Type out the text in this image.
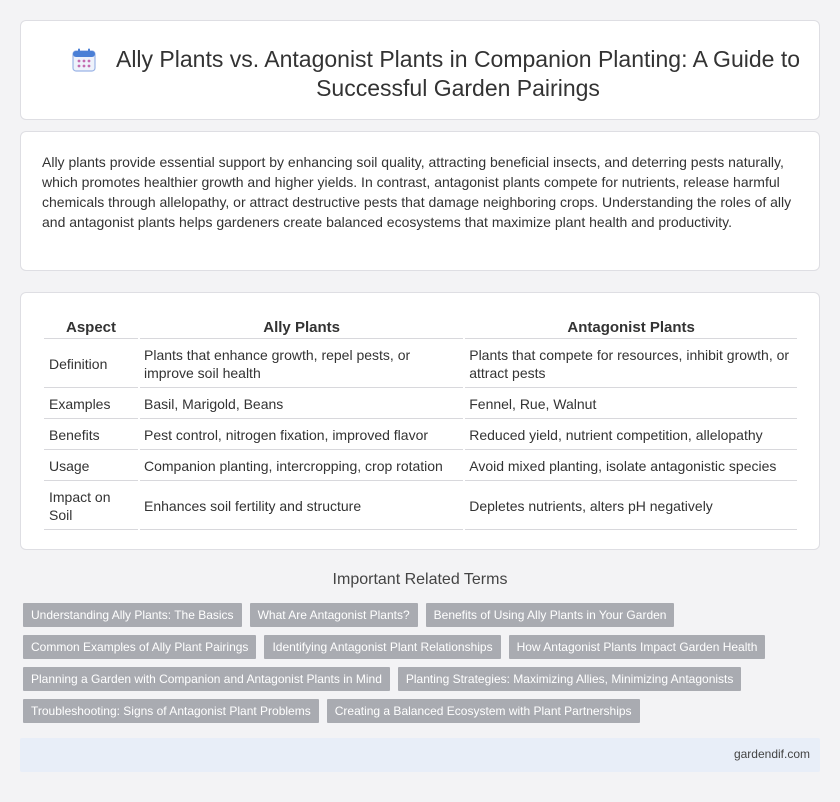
Ally Plants vs. Antagonist Plants in Companion Planting: A Guide to Successful Garden Pairings

Ally plants provide essential support by enhancing soil quality, attracting beneficial insects, and deterring pests naturally, which promotes healthier growth and higher yields. In contrast, antagonist plants compete for nutrients, release harmful chemicals through allelopathy, or attract destructive pests that damage neighboring crops. Understanding the roles of ally and antagonist plants helps gardeners create balanced ecosystems that maximize plant health and productivity.

Aspect	Ally Plants	Antagonist Plants
Definition	Plants that enhance growth, repel pests, or improve soil health	Plants that compete for resources, inhibit growth, or attract pests
Examples	Basil, Marigold, Beans	Fennel, Rue, Walnut
Benefits	Pest control, nitrogen fixation, improved flavor	Reduced yield, nutrient competition, allelopathy
Usage	Companion planting, intercropping, crop rotation	Avoid mixed planting, isolate antagonistic species
Impact on Soil	Enhances soil fertility and structure	Depletes nutrients, alters pH negatively
Important Related Terms
Understanding Ally Plants: The Basics	What Are Antagonist Plants?	Benefits of Using Ally Plants in Your Garden
Common Examples of Ally Plant Pairings	Identifying Antagonist Plant Relationships	How Antagonist Plants Impact Garden Health
Planning a Garden with Companion and Antagonist Plants in Mind	Planting Strategies: Maximizing Allies, Minimizing Antagonists
Troubleshooting: Signs of Antagonist Plant Problems	Creating a Balanced Ecosystem with Plant Partnerships
gardendif.com
